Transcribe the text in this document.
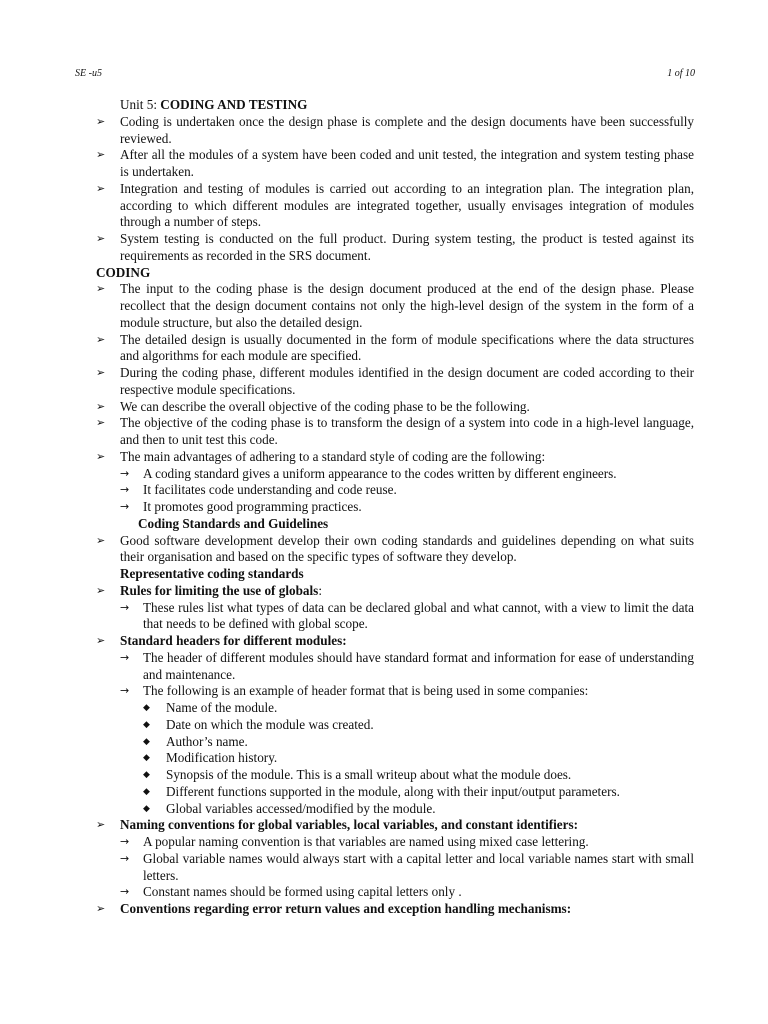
SE -u5	1 of 10
Unit 5: CODING AND TESTING
➢ Coding is undertaken once the design phase is complete and the design documents have been successfully reviewed.
➢ After all the modules of a system have been coded and unit tested, the integration and system testing phase is undertaken.
➢ Integration and testing of modules is carried out according to an integration plan. The integration plan, according to which different modules are integrated together, usually envisages integration of modules through a number of steps.
➢ System testing is conducted on the full product. During system testing, the product is tested against its requirements as recorded in the SRS document.
CODING
➢ The input to the coding phase is the design document produced at the end of the design phase. Please recollect that the design document contains not only the high-level design of the system in the form of a module structure, but also the detailed design.
➢ The detailed design is usually documented in the form of module specifications where the data structures and algorithms for each module are specified.
➢ During the coding phase, different modules identified in the design document are coded according to their respective module specifications.
➢ We can describe the overall objective of the coding phase to be the following.
➢ The objective of the coding phase is to transform the design of a system into code in a high-level language, and then to unit test this code.
➢ The main advantages of adhering to a standard style of coding are the following:
→ A coding standard gives a uniform appearance to the codes written by different engineers.
→ It facilitates code understanding and code reuse.
→ It promotes good programming practices.
Coding Standards and Guidelines
➢ Good software development develop their own coding standards and guidelines depending on what suits their organisation and based on the specific types of software they develop.
Representative coding standards
➢ Rules for limiting the use of globals:
→ These rules list what types of data can be declared global and what cannot, with a view to limit the data that needs to be defined with global scope.
➢ Standard headers for different modules:
→ The header of different modules should have standard format and information for ease of understanding and maintenance.
→ The following is an example of header format that is being used in some companies:
◆ Name of the module.
◆ Date on which the module was created.
◆ Author’s name.
◆ Modification history.
◆ Synopsis of the module. This is a small writeup about what the module does.
◆ Different functions supported in the module, along with their input/output parameters.
◆ Global variables accessed/modified by the module.
➢ Naming conventions for global variables, local variables, and constant identifiers:
→ A popular naming convention is that variables are named using mixed case lettering.
→ Global variable names would always start with a capital letter and local variable names start with small letters.
→ Constant names should be formed using capital letters only .
➢ Conventions regarding error return values and exception handling mechanisms:
